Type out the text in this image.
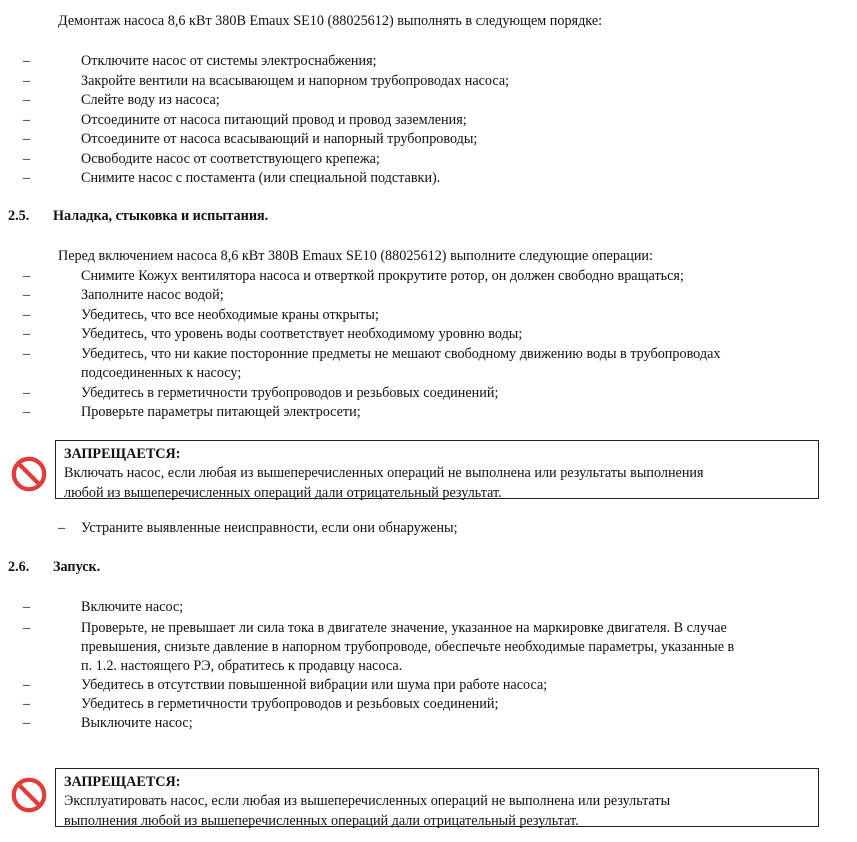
Демонтаж насоса 8,6 кВт 380В Emaux SE10 (88025612) выполнять в следующем порядке:
–	Отключите насос от системы электроснабжения;
–	Закройте вентили на всасывающем и напорном трубопроводах насоса;
–	Слейте воду из насоса;
–	Отсоедините от насоса питающий провод и провод заземления;
–	Отсоедините от насоса всасывающий и напорный трубопроводы;
–	Освободите насос от соответствующего крепежа;
–	Снимите насос с постамента (или специальной подставки).
2.5. Наладка, стыковка и испытания.
Перед включением насоса 8,6 кВт 380В Emaux SE10 (88025612) выполните следующие операции:
–	Снимите Кожух вентилятора насоса и отверткой прокрутите ротор, он должен свободно вращаться;
–	Заполните насос водой;
–	Убедитесь, что все необходимые краны открыты;
–	Убедитесь, что уровень воды соответствует необходимому уровню воды;
–	Убедитесь, что ни какие посторонние предметы не мешают свободному движению воды в трубопроводах
подсоединенных к насосу;
–	Убедитесь в герметичности трубопроводов и резьбовых соединений;
–	Проверьте параметры питающей электросети;
ЗАПРЕЩАЕТСЯ:
Включать насос, если любая из вышеперечисленных операций не выполнена или результаты выполнения
любой из вышеперечисленных операций дали отрицательный результат.
– Устраните выявленные неисправности, если они обнаружены;
2.6. Запуск.
–	Включите насос;
–	Проверьте, не превышает ли сила тока в двигателе значение, указанное на маркировке двигателя. В случае
превышения, снизьте давление в напорном трубопроводе, обеспечьте необходимые параметры, указанные в
п. 1.2. настоящего РЭ, обратитесь к продавцу насоса.
–	Убедитесь в отсутствии повышенной вибрации или шума при работе насоса;
–	Убедитесь в герметичности трубопроводов и резьбовых соединений;
–	Выключите насос;
ЗАПРЕЩАЕТСЯ:
Эксплуатировать насос, если любая из вышеперечисленных операций не выполнена или результаты
выполнения любой из вышеперечисленных операций дали отрицательный результат.
